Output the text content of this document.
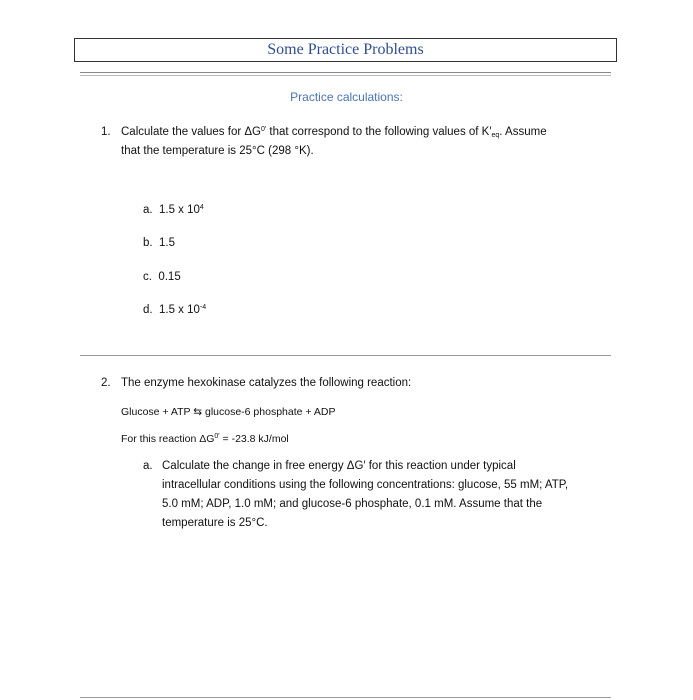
Some Practice Problems
Practice calculations:
1. Calculate the values for $\Delta G^{0'}$ that correspond to the following values of $K'_{eq}$. Assume
that the temperature is 25°C (298 °K).
a. 1.5 x $10^4$
b. 1.5
c. 0.15
d. 1.5 x $10^{-4}$
2. The enzyme hexokinase catalyzes the following reaction:
Glucose + ATP ⇆ glucose-6 phosphate + ADP
For this reaction $\Delta G^{0'} = -23.8$ kJ/mol
a. Calculate the change in free energy ΔG′ for this reaction under typical
intracellular conditions using the following concentrations: glucose, 55 mM; ATP,
5.0 mM; ADP, 1.0 mM; and glucose-6 phosphate, 0.1 mM. Assume that the
temperature is 25°C.
